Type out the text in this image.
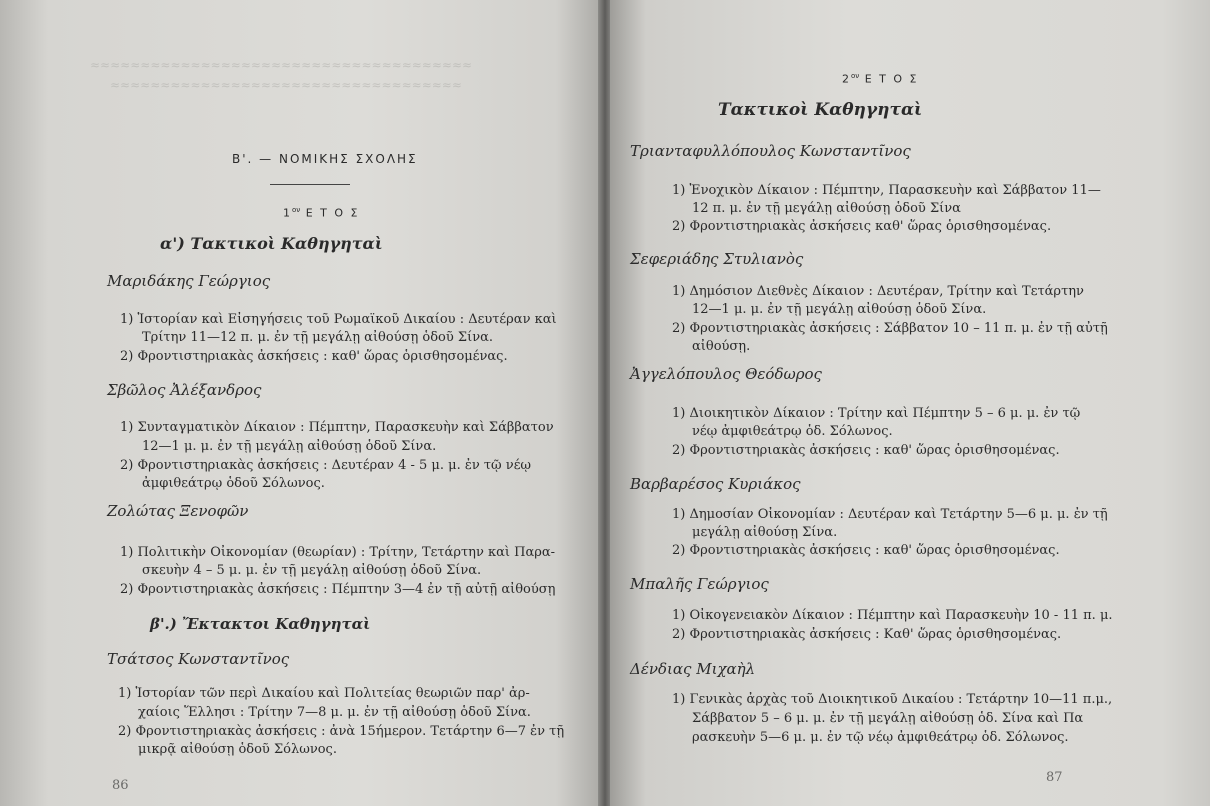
≈≈≈≈≈≈≈≈≈≈≈≈≈≈≈≈≈≈≈≈≈≈≈≈≈≈≈≈≈≈≈≈≈≈≈≈≈≈
≈≈≈≈≈≈≈≈≈≈≈≈≈≈≈≈≈≈≈≈≈≈≈≈≈≈≈≈≈≈≈≈≈≈≈
Β'. — ΝΟΜΙΚΗΣ ΣΧΟΛΗΣ
$1^{o\nu}$ Ε Τ Ο Σ
α') Τακτικοὶ Καθηγηταὶ
Μαριδάκης Γεώργιος
1) Ἱστορίαν καὶ Εἰσηγήσεις τοῦ Ρωμαϊκοῦ Δικαίου : Δευτέραν καὶ
Τρίτην 11—12 π. μ. ἐν τῇ μεγάλῃ αἰθούσῃ ὁδοῦ Σίνα.
2) Φροντιστηριακὰς ἀσκήσεις : καθ' ὥρας ὁρισθησομένας.
Σβῶλος Ἀλέξανδρος
1) Συνταγματικὸν Δίκαιον : Πέμπτην, Παρασκευὴν καὶ Σάββατον
12—1 μ. μ. ἐν τῇ μεγάλῃ αἰθούσῃ ὁδοῦ Σίνα.
2) Φροντιστηριακὰς ἀσκήσεις : Δευτέραν 4 - 5 μ. μ. ἐν τῷ νέῳ
ἀμφιθεάτρῳ ὁδοῦ Σόλωνος.
Ζολώτας Ξενοφῶν
1) Πολιτικὴν Οἰκονομίαν (θεωρίαν) : Τρίτην, Τετάρτην καὶ Παρα-
σκευὴν 4 – 5 μ. μ. ἐν τῇ μεγάλῃ αἰθούσῃ ὁδοῦ Σίνα.
2) Φροντιστηριακὰς ἀσκήσεις : Πέμπτην 3—4 ἐν τῇ αὐτῇ αἰθούσῃ
β'.) Ἔκτακτοι Καθηγηταὶ
Τσάτσος Κωνσταντῖνος
1) Ἱστορίαν τῶν περὶ Δικαίου καὶ Πολιτείας θεωριῶν παρ' ἀρ-
χαίοις Ἕλλησι : Τρίτην 7—8 μ. μ. ἐν τῇ αἰθούσῃ ὁδοῦ Σίνα.
2) Φροντιστηριακὰς ἀσκήσεις : ἀνὰ 15ήμερον. Τετάρτην 6—7 ἐν τῇ
μικρᾷ αἰθούσῃ ὁδοῦ Σόλωνος.
86
$2^{o\nu}$ Ε Τ Ο Σ
Τακτικοὶ Καθηγηταὶ
Τριανταφυλλόπουλος Κωνσταντῖνος
1) Ἐνοχικὸν Δίκαιον : Πέμπτην, Παρασκευὴν καὶ Σάββατον 11—
12 π. μ. ἐν τῇ μεγάλῃ αἰθούσῃ ὁδοῦ Σίνα
2) Φροντιστηριακὰς ἀσκήσεις καθ' ὥρας ὁρισθησομένας.
Σεφεριάδης Στυλιανὸς
1) Δημόσιον Διεθνὲς Δίκαιον : Δευτέραν, Τρίτην καὶ Τετάρτην
12—1 μ. μ. ἐν τῇ μεγάλῃ αἰθούσῃ ὁδοῦ Σίνα.
2) Φροντιστηριακὰς ἀσκήσεις : Σάββατον 10 – 11 π. μ. ἐν τῇ αὐτῇ
αἰθούσῃ.
Ἀγγελόπουλος Θεόδωρος
1) Διοικητικὸν Δίκαιον : Τρίτην καὶ Πέμπτην 5 – 6 μ. μ. ἐν τῷ
νέῳ ἀμφιθεάτρῳ ὁδ. Σόλωνος.
2) Φροντιστηριακὰς ἀσκήσεις : καθ' ὥρας ὁρισθησομένας.
Βαρβαρέσος Κυριάκος
1) Δημοσίαν Οἰκονομίαν : Δευτέραν καὶ Τετάρτην 5—6 μ. μ. ἐν τῇ
μεγάλῃ αἰθούσῃ Σίνα.
2) Φροντιστηριακὰς ἀσκήσεις : καθ' ὥρας ὁρισθησομένας.
Μπαλῆς Γεώργιος
1) Οἰκογενειακὸν Δίκαιον : Πέμπτην καὶ Παρασκευὴν 10 - 11 π. μ.
2) Φροντιστηριακὰς ἀσκήσεις : Καθ' ὥρας ὁρισθησομένας.
Δένδιας Μιχαὴλ
1) Γενικὰς ἀρχὰς τοῦ Διοικητικοῦ Δικαίου : Τετάρτην 10—11 π.μ.,
Σάββατον 5 – 6 μ. μ. ἐν τῇ μεγάλῃ αἰθούσῃ ὁδ. Σίνα καὶ Πα
ρασκευὴν 5—6 μ. μ. ἐν τῷ νέῳ ἀμφιθεάτρῳ ὁδ. Σόλωνος.
87
